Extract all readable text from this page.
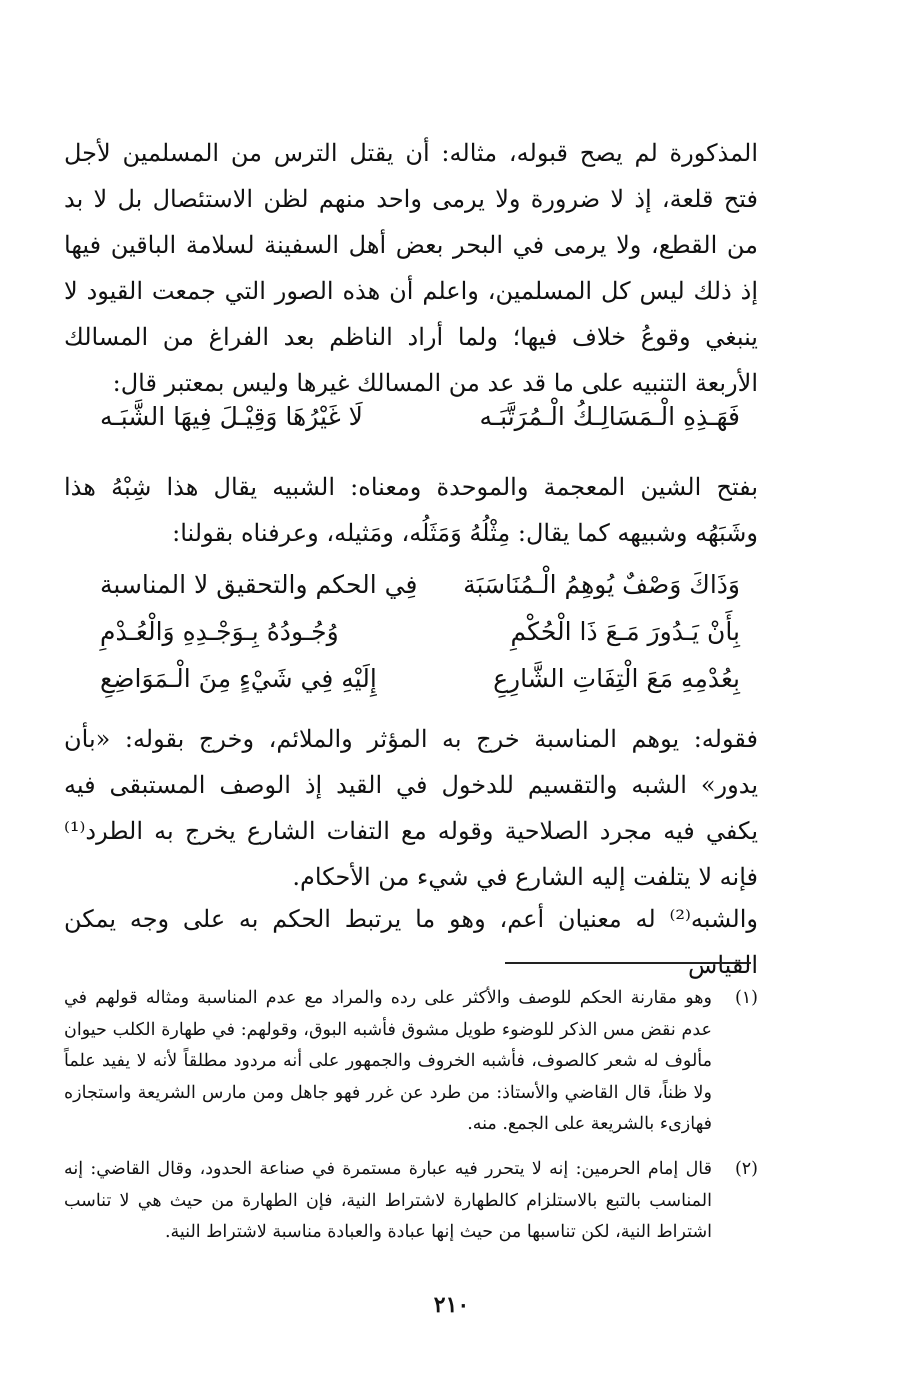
المذكورة لم يصح قبوله، مثاله: أن يقتل الترس من المسلمين لأجل فتح قلعة، إذ لا ضرورة ولا يرمى واحد منهم لظن الاستئصال بل لا بد من القطع، ولا يرمى في البحر بعض أهل السفينة لسلامة الباقين فيها إذ ذلك ليس كل المسلمين، واعلم أن هذه الصور التي جمعت القيود لا ينبغي وقوعُ خلاف فيها؛ ولما أراد الناظم بعد الفراغ من المسالك الأربعة التنبيه على ما قد عد من المسالك غيرها وليس بمعتبر قال:
فَهَـذِهِ الْـمَسَالِـكُ الْـمُرَتَّبَـه
لَا غَيْرُهَا وَقِيْـلَ فِيهَا الشَّبَـه
بفتح الشين المعجمة والموحدة ومعناه: الشبيه يقال هذا شِبْهُ هذا وشَبَهُه وشبيهه كما يقال: مِثْلُهُ وَمَثَلُه، ومَثيله، وعرفناه بقولنا:
وَذَاكَ وَصْفٌ يُوهِمُ الْـمُنَاسَبَة
فِي الحكم والتحقيق لا المناسبة
بِأَنْ يَـدُورَ مَـعَ ذَا الْحُكْمِ
وُجُـودُهُ بِـوَجْـدِهِ وَالْعُـدْمِ
بِعُدْمِهِ مَعَ الْتِفَاتِ الشَّارِعِ
إِلَيْهِ فِي شَيْءٍ مِنَ الْـمَوَاضِعِ
فقوله: يوهم المناسبة خرج به المؤثر والملائم، وخرج بقوله: «بأن يدور» الشبه والتقسيم للدخول في القيد إذ الوصف المستبقى فيه يكفي فيه مجرد الصلاحية وقوله مع التفات الشارع يخرج به الطرد⁽¹⁾ فإنه لا يتلفت إليه الشارع في شيء من الأحكام.
والشبه⁽²⁾ له معنيان أعم، وهو ما يرتبط الحكم به على وجه يمكن القياس
(١)
وهو مقارنة الحكم للوصف والأكثر على رده والمراد مع عدم المناسبة ومثاله قولهم في عدم نقض مس الذكر للوضوء طويل مشوق فأشبه البوق، وقولهم: في طهارة الكلب حيوان مألوف له شعر كالصوف، فأشبه الخروف والجمهور على أنه مردود مطلقاً لأنه لا يفيد علماً ولا ظناً، قال القاضي والأستاذ: من طرد عن غرر فهو جاهل ومن مارس الشريعة واستجازه فهازىء بالشريعة على الجمع. منه.
(٢)
قال إمام الحرمين: إنه لا يتحرر فيه عبارة مستمرة في صناعة الحدود، وقال القاضي: إنه المناسب بالتبع بالاستلزام كالطهارة لاشتراط النية، فإن الطهارة من حيث هي لا تناسب اشتراط النية، لكن تناسبها من حيث إنها عبادة والعبادة مناسبة لاشتراط النية.
٢١٠
